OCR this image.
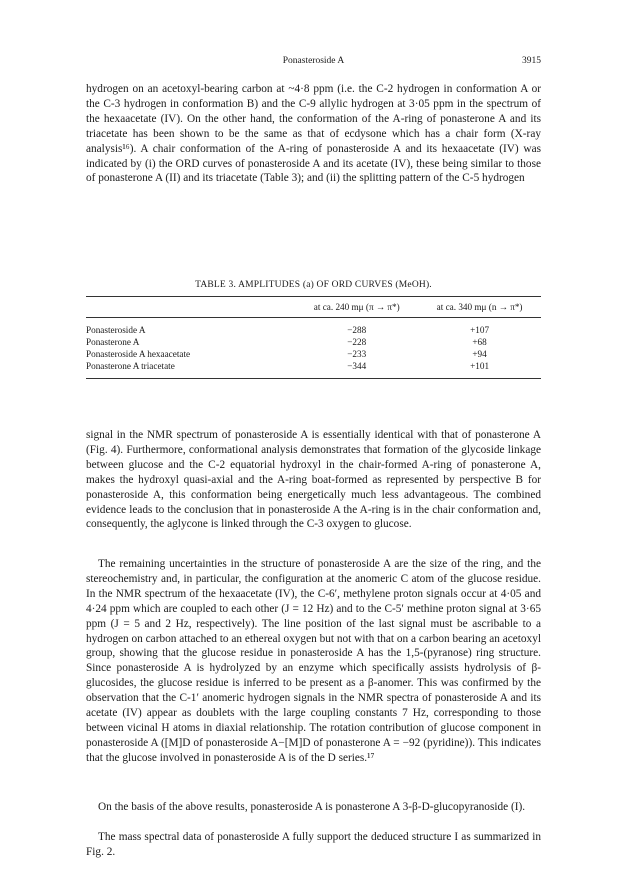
Ponasteroside A	3915

hydrogen on an acetoxyl-bearing carbon at ~4·8 ppm (i.e. the C-2 hydrogen in conformation A or the C-3 hydrogen in conformation B) and the C-9 allylic hydrogen at 3·05 ppm in the spectrum of the hexaacetate (IV). On the other hand, the conformation of the A-ring of ponasterone A and its triacetate has been shown to be the same as that of ecdysone which has a chair form (X-ray analysis¹⁶). A chair conformation of the A-ring of ponasteroside A and its hexaacetate (IV) was indicated by (i) the ORD curves of ponasteroside A and its acetate (IV), these being similar to those of ponasterone A (II) and its triacetate (Table 3); and (ii) the splitting pattern of the C-5 hydrogen

TABLE 3. AMPLITUDES (a) OF ORD CURVES (MeOH).
	at ca. 240 mμ (π → π*)	at ca. 340 mμ (n → π*)
Ponasteroside A	−288	+107
Ponasterone A	−228	+68
Ponasteroside A hexaacetate	−233	+94
Ponasterone A triacetate	−344	+101

signal in the NMR spectrum of ponasteroside A is essentially identical with that of ponasterone A (Fig. 4). Furthermore, conformational analysis demonstrates that formation of the glycoside linkage between glucose and the C-2 equatorial hydroxyl in the chair-formed A-ring of ponasterone A, makes the hydroxyl quasi-axial and the A-ring boat-formed as represented by perspective B for ponasteroside A, this conformation being energetically much less advantageous. The combined evidence leads to the conclusion that in ponasteroside A the A-ring is in the chair conformation and, consequently, the aglycone is linked through the C-3 oxygen to glucose.

The remaining uncertainties in the structure of ponasteroside A are the size of the ring, and the stereochemistry and, in particular, the configuration at the anomeric C atom of the glucose residue. In the NMR spectrum of the hexaacetate (IV), the C-6′, methylene proton signals occur at 4·05 and 4·24 ppm which are coupled to each other (J = 12 Hz) and to the C-5′ methine proton signal at 3·65 ppm (J = 5 and 2 Hz, respectively). The line position of the last signal must be ascribable to a hydrogen on carbon attached to an ethereal oxygen but not with that on a carbon bearing an acetoxyl group, showing that the glucose residue in ponasteroside A has the 1,5-(pyranose) ring structure. Since ponasteroside A is hydrolyzed by an enzyme which specifically assists hydrolysis of β-glucosides, the glucose residue is inferred to be present as a β-anomer. This was confirmed by the observation that the C-1′ anomeric hydrogen signals in the NMR spectra of ponasteroside A and its acetate (IV) appear as doublets with the large coupling constants 7 Hz, corresponding to those between vicinal H atoms in diaxial relationship. The rotation contribution of glucose component in ponasteroside A ([M]D of ponasteroside A−[M]D of ponasterone A = −92 (pyridine)). This indicates that the glucose involved in ponasteroside A is of the D series.¹⁷

On the basis of the above results, ponasteroside A is ponasterone A 3-β-D-glucopyranoside (I).

The mass spectral data of ponasteroside A fully support the deduced structure I as summarized in Fig. 2.
